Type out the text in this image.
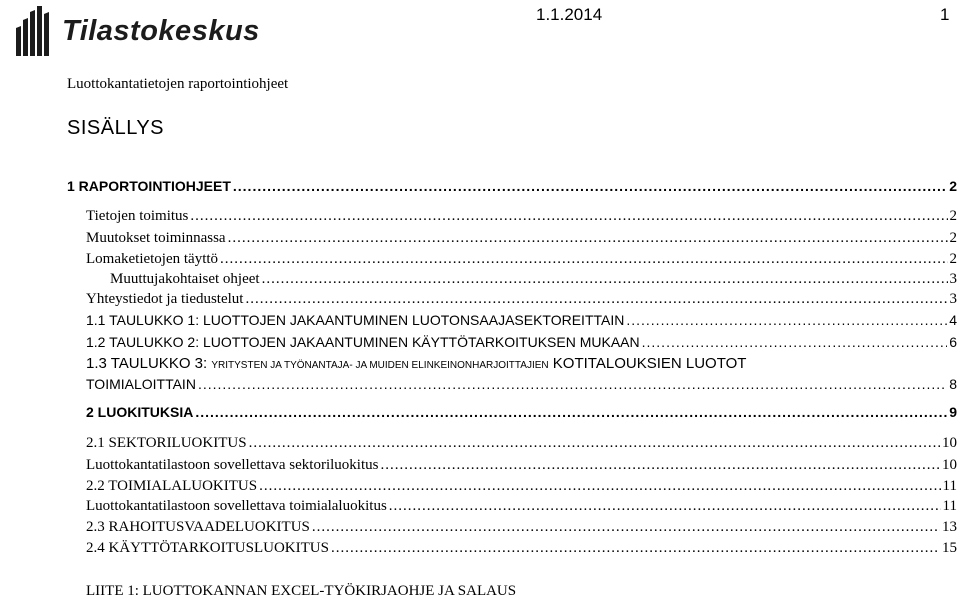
Tilastokeskus	1.1.2014	1
Luottokantatietojen raportointiohjeet
SISÄLLYS
1 RAPORTOINTIOHJEET .....	2
Tietojen toimitus .....	2
Muutokset toiminnassa .....	2
Lomaketietojen täyttö .....	2
Muuttujakohtaiset ohjeet .....	3
Yhteystiedot ja tiedustelut .....	3
1.1 TAULUKKO 1: LUOTTOJEN JAKAANTUMINEN LUOTONSAAJASEKTOREITTAIN .....	4
1.2 TAULUKKO 2: LUOTTOJEN JAKAANTUMINEN KÄYTTÖTARKOITUKSEN MUKAAN .....	6
1.3 TAULUKKO 3: YRITYSTEN JA TYÖNANTAJA- JA MUIDEN ELINKEINONHARJOITTAJIEN KOTITALOUKSIEN LUOTOT
TOIMIALOITTAIN .....	8
2 LUOKITUKSIA .....	9
2.1 SEKTORILUOKITUS .....	10
Luottokantatilastoon sovellettava sektoriluokitus .....	10
2.2 TOIMIALALUOKITUS .....	11
Luottokantatilastoon sovellettava toimialaluokitus .....	11
2.3 RAHOITUSVAADELUOKITUS .....	13
2.4 KÄYTTÖTARKOITUSLUOKITUS .....	15
LIITE 1: LUOTTOKANNAN EXCEL-TYÖKIRJAOHJE JA SALAUS
